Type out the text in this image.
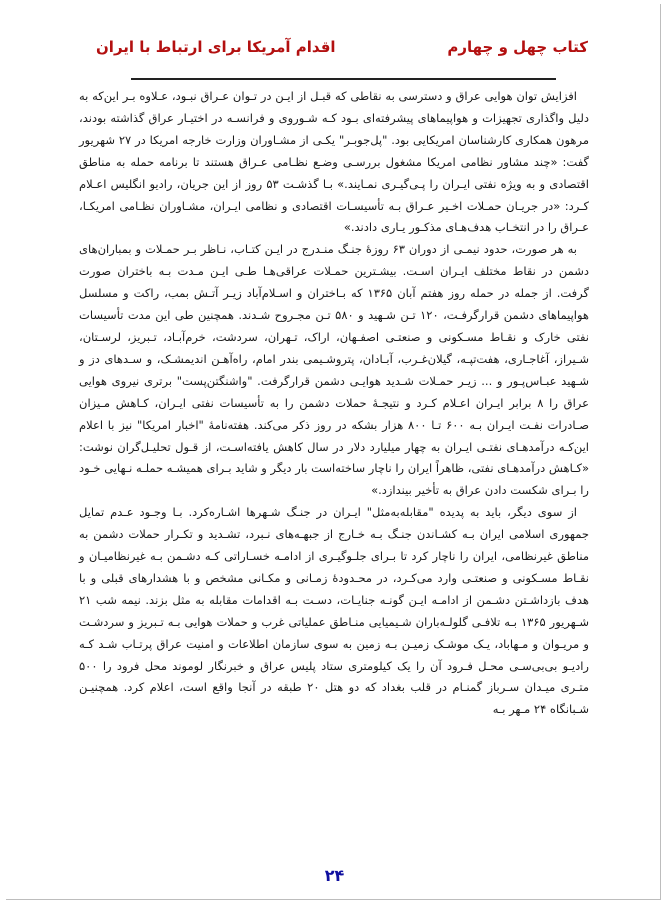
کتاب چهل و چهارم
اقدام آمریکا برای ارتباط با ایران

افزایش توان هوایی عراق و دسترسی به نقاطی که قبـل از ایـن در تـوان عـراق نبـود، عـلاوه بـر این‌که به دلیل واگذاری تجهیزات و هواپیماهای پیشرفته‌ای بـود کـه شـوروی و فرانسـه در اختیـار عراق گذاشته بودند، مرهون همکاری کارشناسان امریکایی بود. "پل‌جوبـر" یکـی از مشـاوران وزارت خارجه امریکا در ۲۷ شهریور گفت: «چند مشاور نظامی امریکا مشغول بررسـی وضـع نظـامی عـراق هستند تا برنامه حمله به مناطق اقتصادی و به ویژه نفتی ایـران را پـی‌گیـری نمـایند.» بـا گذشـت ۵۳ روز از این جریان، رادیو انگلیس اعـلام کـرد: «در جریـان حمـلات اخـیر عـراق بـه تأسیسـات اقتصادی و نظامی ایـران، مشـاوران نظـامی امریکـا، عـراق را در انتخـاب هدف‌هـای مذکـور یـاری دادند.»

به هر صورت، حدود نیمـی از دوران ۶۳ روزۀ جنـگ منـدرج در ایـن کتـاب، نـاظر بـر حمـلات و بمباران‌های دشمن در نقاط مختلف ایـران اسـت. بیشـترین حمـلات عراقی‌هـا طـی ایـن مـدت بـه باختران صورت گرفت. از جمله در حمله روز هفتم آبان ۱۳۶۵ که بـاختران و اسـلام‌آباد زیـر آتـش بمب، راکت و مسلسل هواپیماهای دشمن قرارگرفـت، ۱۲۰ تـن شـهید و ۵۸۰ تـن مجـروح شـدند. همچنین طی این مدت تأسیسات نفتی خارک و نقـاط مسـکونی و صنعتـی اصفـهان، اراک، تـهران، سردشت، خرم‌آبـاد، تـبریز، لرسـتان، شـیراز، آغاجـاری، هفت‌تپـه، گیلان‌غـرب، آبـادان، پتروشـیمی بندر امام، راه‌آهـن اندیمشـک، و سـدهای دز و شـهید عبـاس‌پـور و ... زیـر حمـلات شـدید هوایـی دشمن قرارگرفت. "واشنگتن‌پست" برتری نیروی هوایی عراق را ۸ برابر ایـران اعـلام کـرد و نتیجـۀ حملات دشمن را به تأسیسات نفتی ایـران، کـاهش مـیزان صـادرات نفـت ایـران بـه ۶۰۰ تـا ۸۰۰ هزار بشکه در روز ذکر می‌کند. هفته‌نامۀ "اخبار امریکا" نیز با اعلام این‌کـه درآمدهـای نفتـی ایـران به چهار میلیارد دلار در سال کاهش یافته‌اسـت، از قـول تحلیـل‌گران نوشت: «کـاهش درآمدهـای نفتی، ظاهراً ایران را ناچار ساخته‌است بار دیگر و شاید بـرای همیشـه حملـه نـهایی خـود را بـرای شکست دادن عراق به تأخیر بیندازد.»

از سوی دیگر، باید به پدیده "مقابله‌به‌مثل" ایـران در جنـگ شـهرها اشـاره‌کرد. بـا وجـود عـدم تمایل جمهوری اسلامی ایران بـه کشـاندن جنـگ بـه خـارج از جبهـه‌های نـبرد، تشـدید و تکـرار حملات دشمن به مناطق غیرنظامی، ایران را ناچار کرد تا بـرای جلـوگیـری از ادامـه خسـاراتی کـه دشـمن بـه غیرنظامیـان و نقـاط مسـکونی و صنعتـی وارد می‌کـرد، در محـدودۀ زمـانی و مکـانی مشخص و با هشدارهای قبلی و با هدف بازداشـتن دشـمن از ادامـه ایـن گونـه جنایـات، دسـت بـه اقدامات مقابله به مثل بزند. نیمه شب ۲۱ شـهریور ۱۳۶۵ بـه تلافـی گلولـه‌باران شـیمیایی منـاطق عملیاتی غرب و حملات هوایی بـه تـبریز و سردشـت و مریـوان و مـهاباد، یـک موشـک زمیـن بـه زمین به سوی سازمان اطلاعات و امنیت عراق پرتـاب شـد کـه رادیـو بی‌بی‌سـی محـل فـرود آن را یک کیلومتری ستاد پلیس عراق و خبرنگار لوموند محل فرود را ۵۰۰ متـری میـدان سـرباز گمنـام در قلب بغداد که دو هتل ۲۰ طبقه در آنجا واقع است، اعلام کرد. همچنیـن شـبانگاه ۲۴ مـهر بـه

۲۴
